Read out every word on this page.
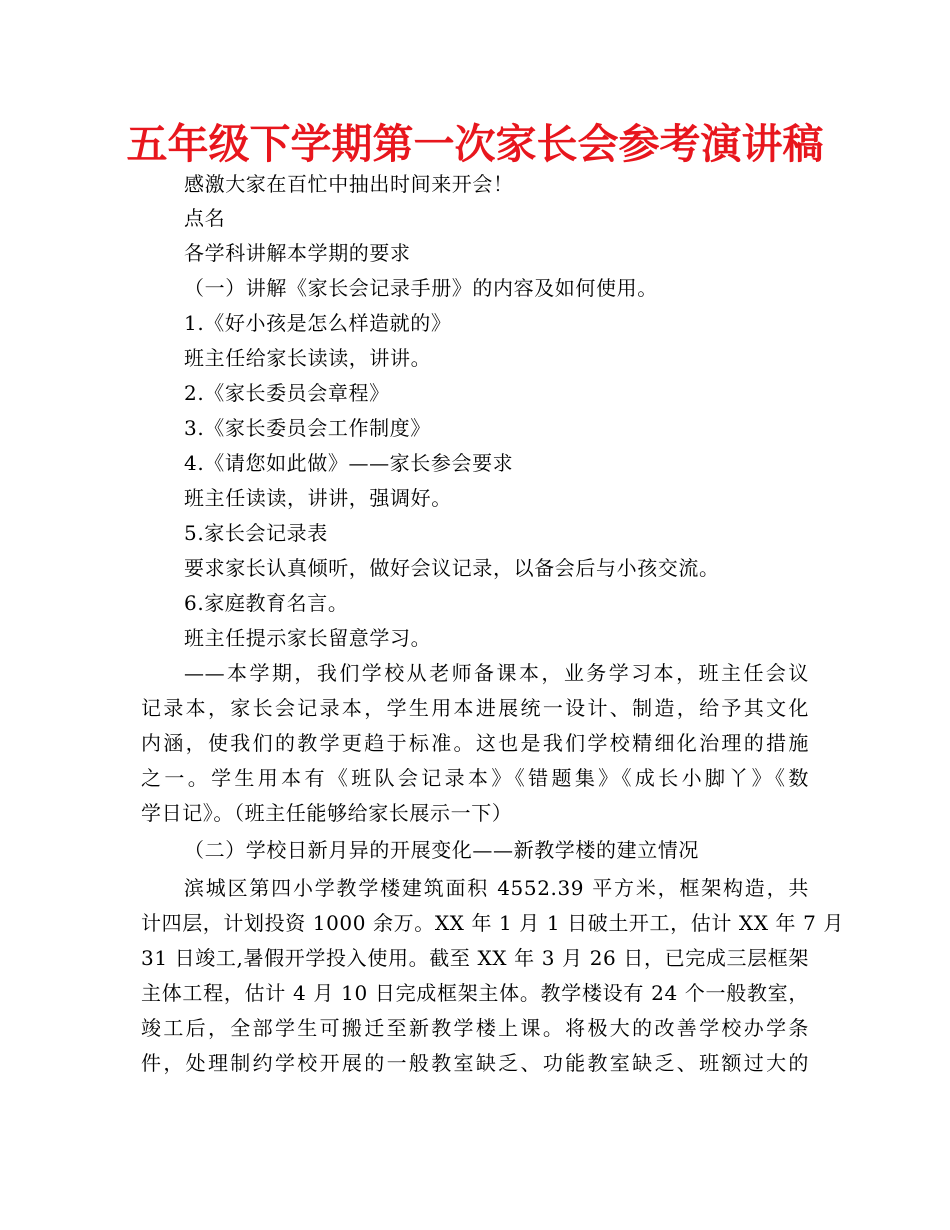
五年级下学期第一次家长会参考演讲稿
感激大家在百忙中抽出时间来开会！
点名
各学科讲解本学期的要求
（一）讲解《家长会记录手册》的内容及如何使用。
1.《好小孩是怎么样造就的》
班主任给家长读读，讲讲。
2.《家长委员会章程》
3.《家长委员会工作制度》
4.《请您如此做》——家长参会要求
班主任读读，讲讲，强调好。
5.家长会记录表
要求家长认真倾听，做好会议记录，以备会后与小孩交流。
6.家庭教育名言。
班主任提示家长留意学习。
——本学期，我们学校从老师备课本，业务学习本，班主任会议
记录本，家长会记录本，学生用本进展统一设计、制造，给予其文化
内涵，使我们的教学更趋于标准。这也是我们学校精细化治理的措施
之一。学生用本有《班队会记录本》《错题集》《成长小脚丫》《数
学日记》。（班主任能够给家长展示一下）
（二）学校日新月异的开展变化——新教学楼的建立情况
滨城区第四小学教学楼建筑面积 4552.39 平方米，框架构造，共
计四层，计划投资 1000 余万。XX 年 1 月 1 日破土开工，估计 XX 年 7 月
31 日竣工,暑假开学投入使用。截至 XX 年 3 月 26 日，已完成三层框架
主体工程，估计 4 月 10 日完成框架主体。教学楼设有 24 个一般教室，
竣工后，全部学生可搬迁至新教学楼上课。将极大的改善学校办学条
件，处理制约学校开展的一般教室缺乏、功能教室缺乏、班额过大的
